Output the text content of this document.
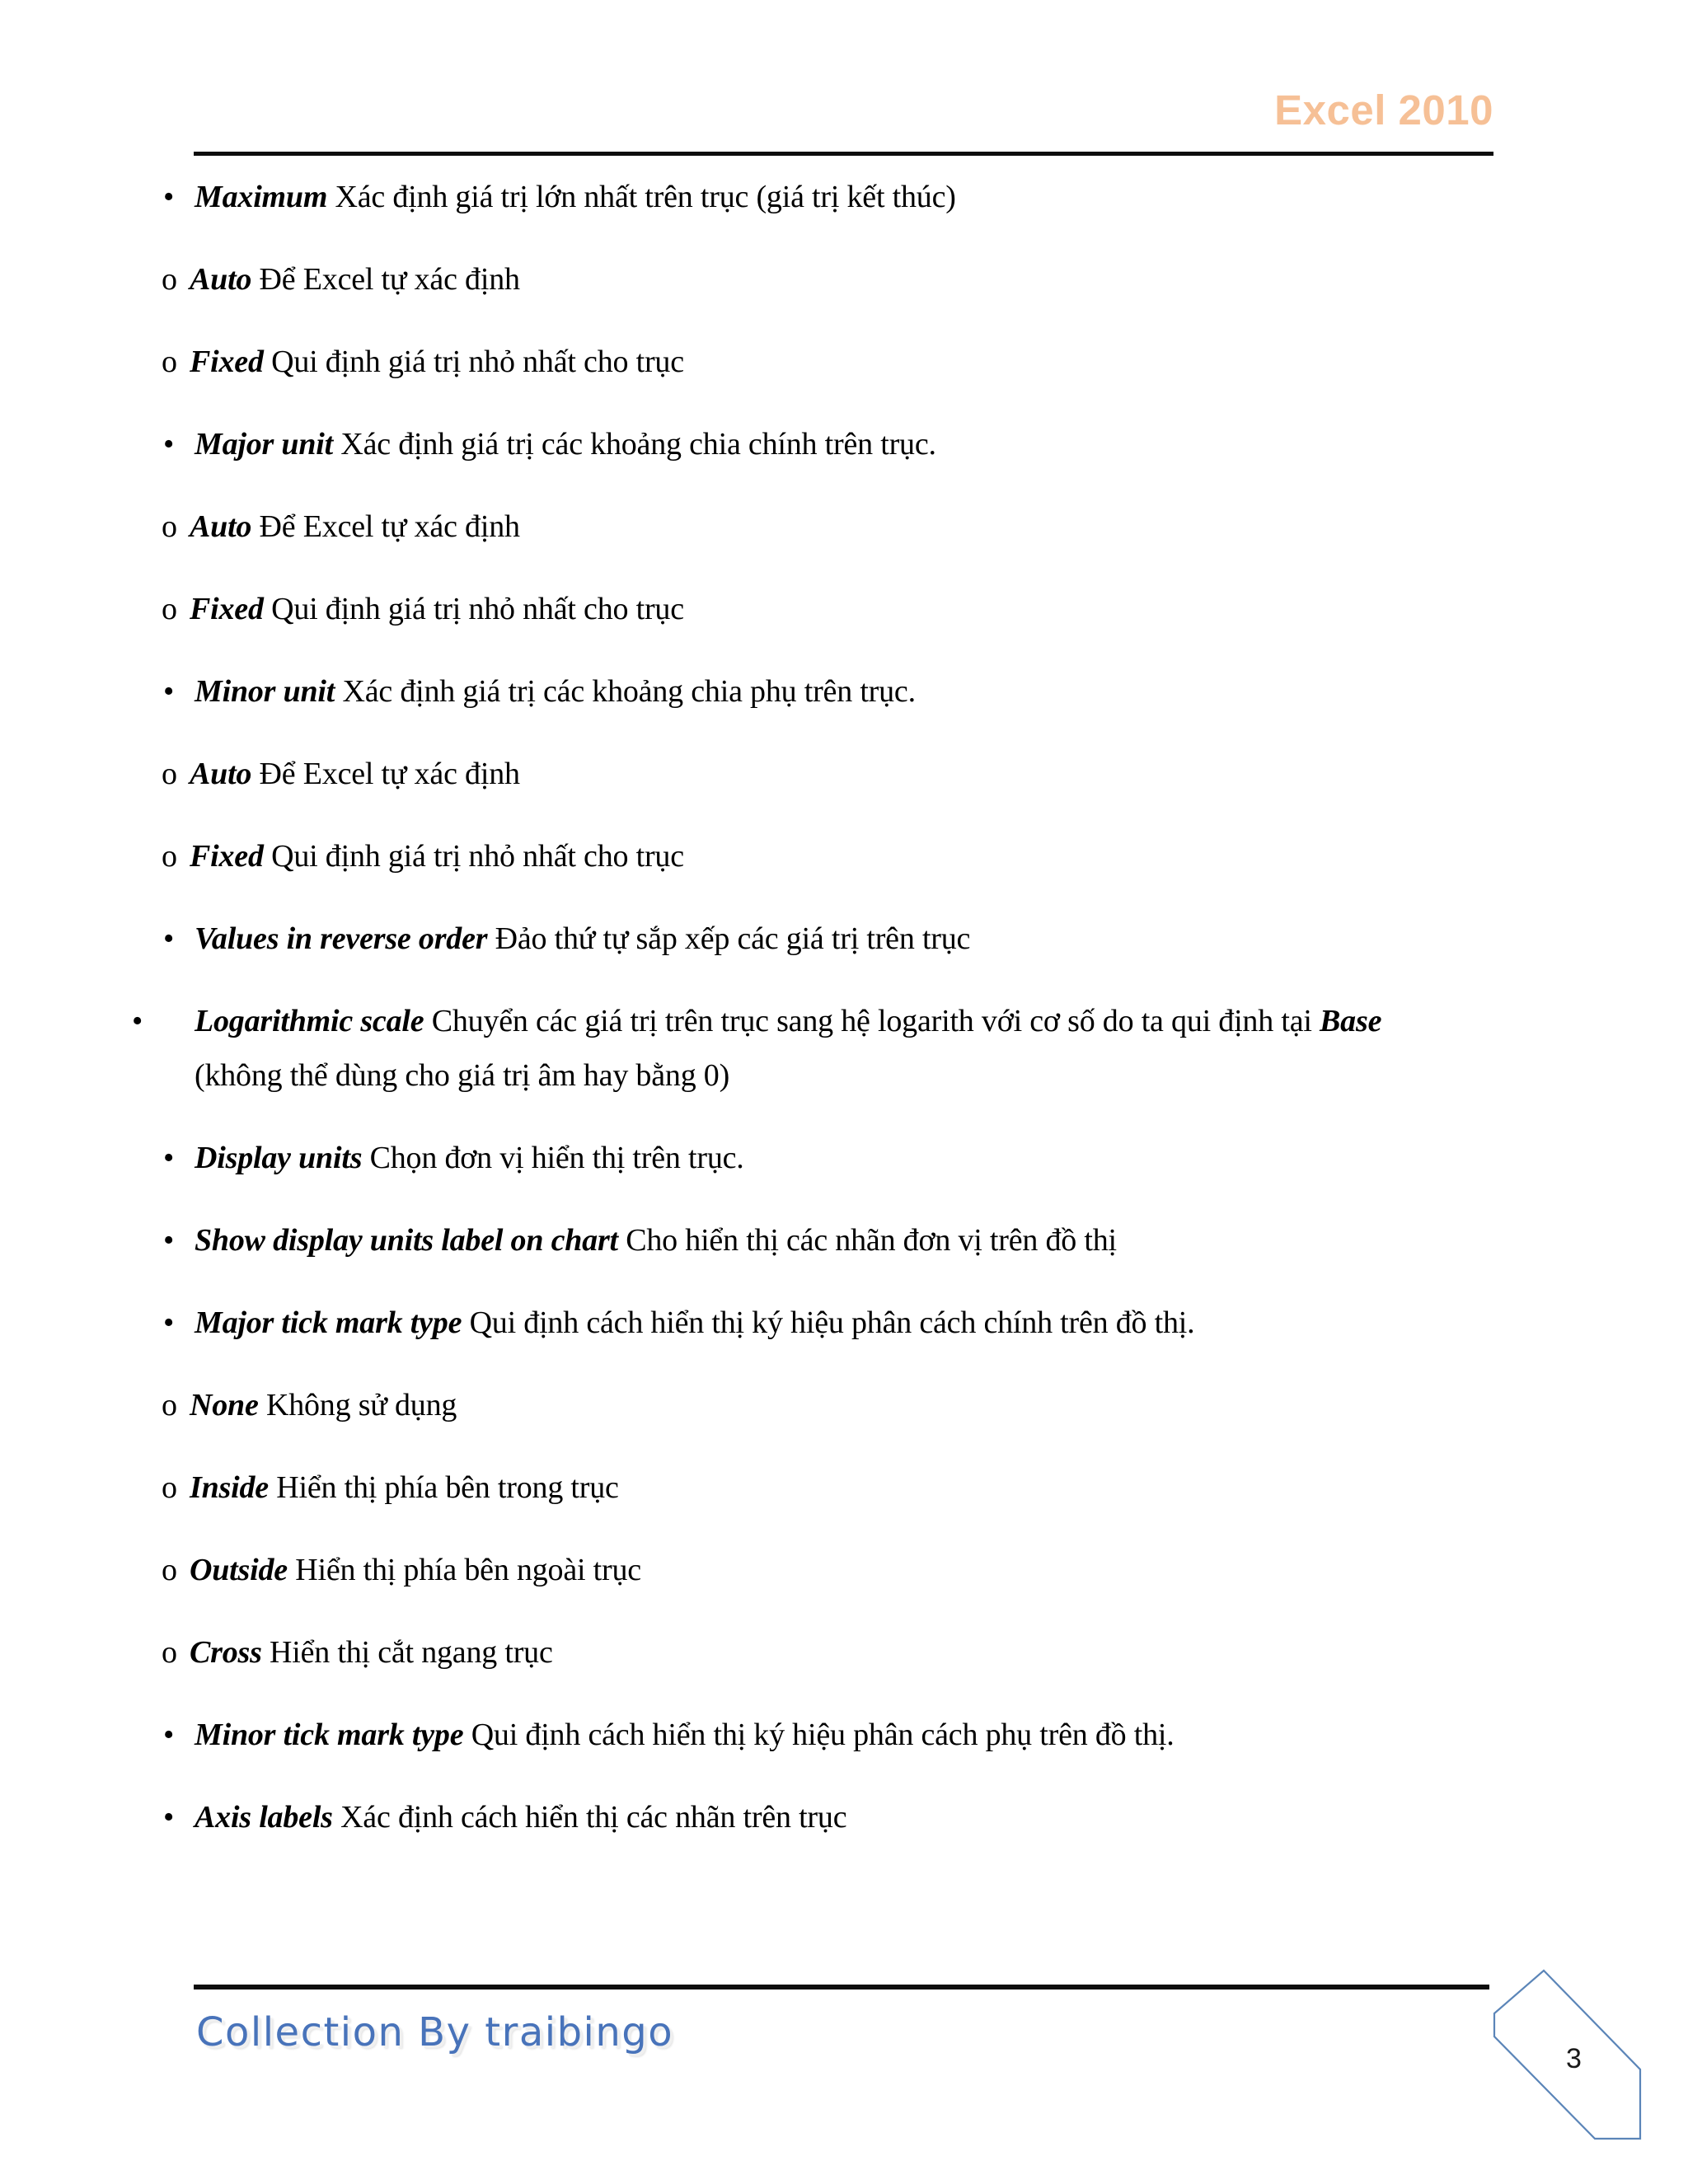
Excel 2010
• Maximum Xác định giá trị lớn nhất trên trục (giá trị kết thúc)
o Auto Để Excel tự xác định
o Fixed Qui định giá trị nhỏ nhất cho trục
• Major unit Xác định giá trị các khoảng chia chính trên trục.
o Auto Để Excel tự xác định
o Fixed Qui định giá trị nhỏ nhất cho trục
• Minor unit Xác định giá trị các khoảng chia phụ trên trục.
o Auto Để Excel tự xác định
o Fixed Qui định giá trị nhỏ nhất cho trục
• Values in reverse order Đảo thứ tự sắp xếp các giá trị trên trục
• Logarithmic scale Chuyển các giá trị trên trục sang hệ logarith với cơ số do ta qui định tại Base (không thể dùng cho giá trị âm hay bằng 0)
• Display units Chọn đơn vị hiển thị trên trục.
• Show display units label on chart Cho hiển thị các nhãn đơn vị trên đồ thị
• Major tick mark type Qui định cách hiển thị ký hiệu phân cách chính trên đồ thị.
o None Không sử dụng
o Inside Hiển thị phía bên trong trục
o Outside Hiển thị phía bên ngoài trục
o Cross Hiển thị cắt ngang trục
• Minor tick mark type Qui định cách hiển thị ký hiệu phân cách phụ trên đồ thị.
• Axis labels Xác định cách hiển thị các nhãn trên trục
Collection By traibingo
3
